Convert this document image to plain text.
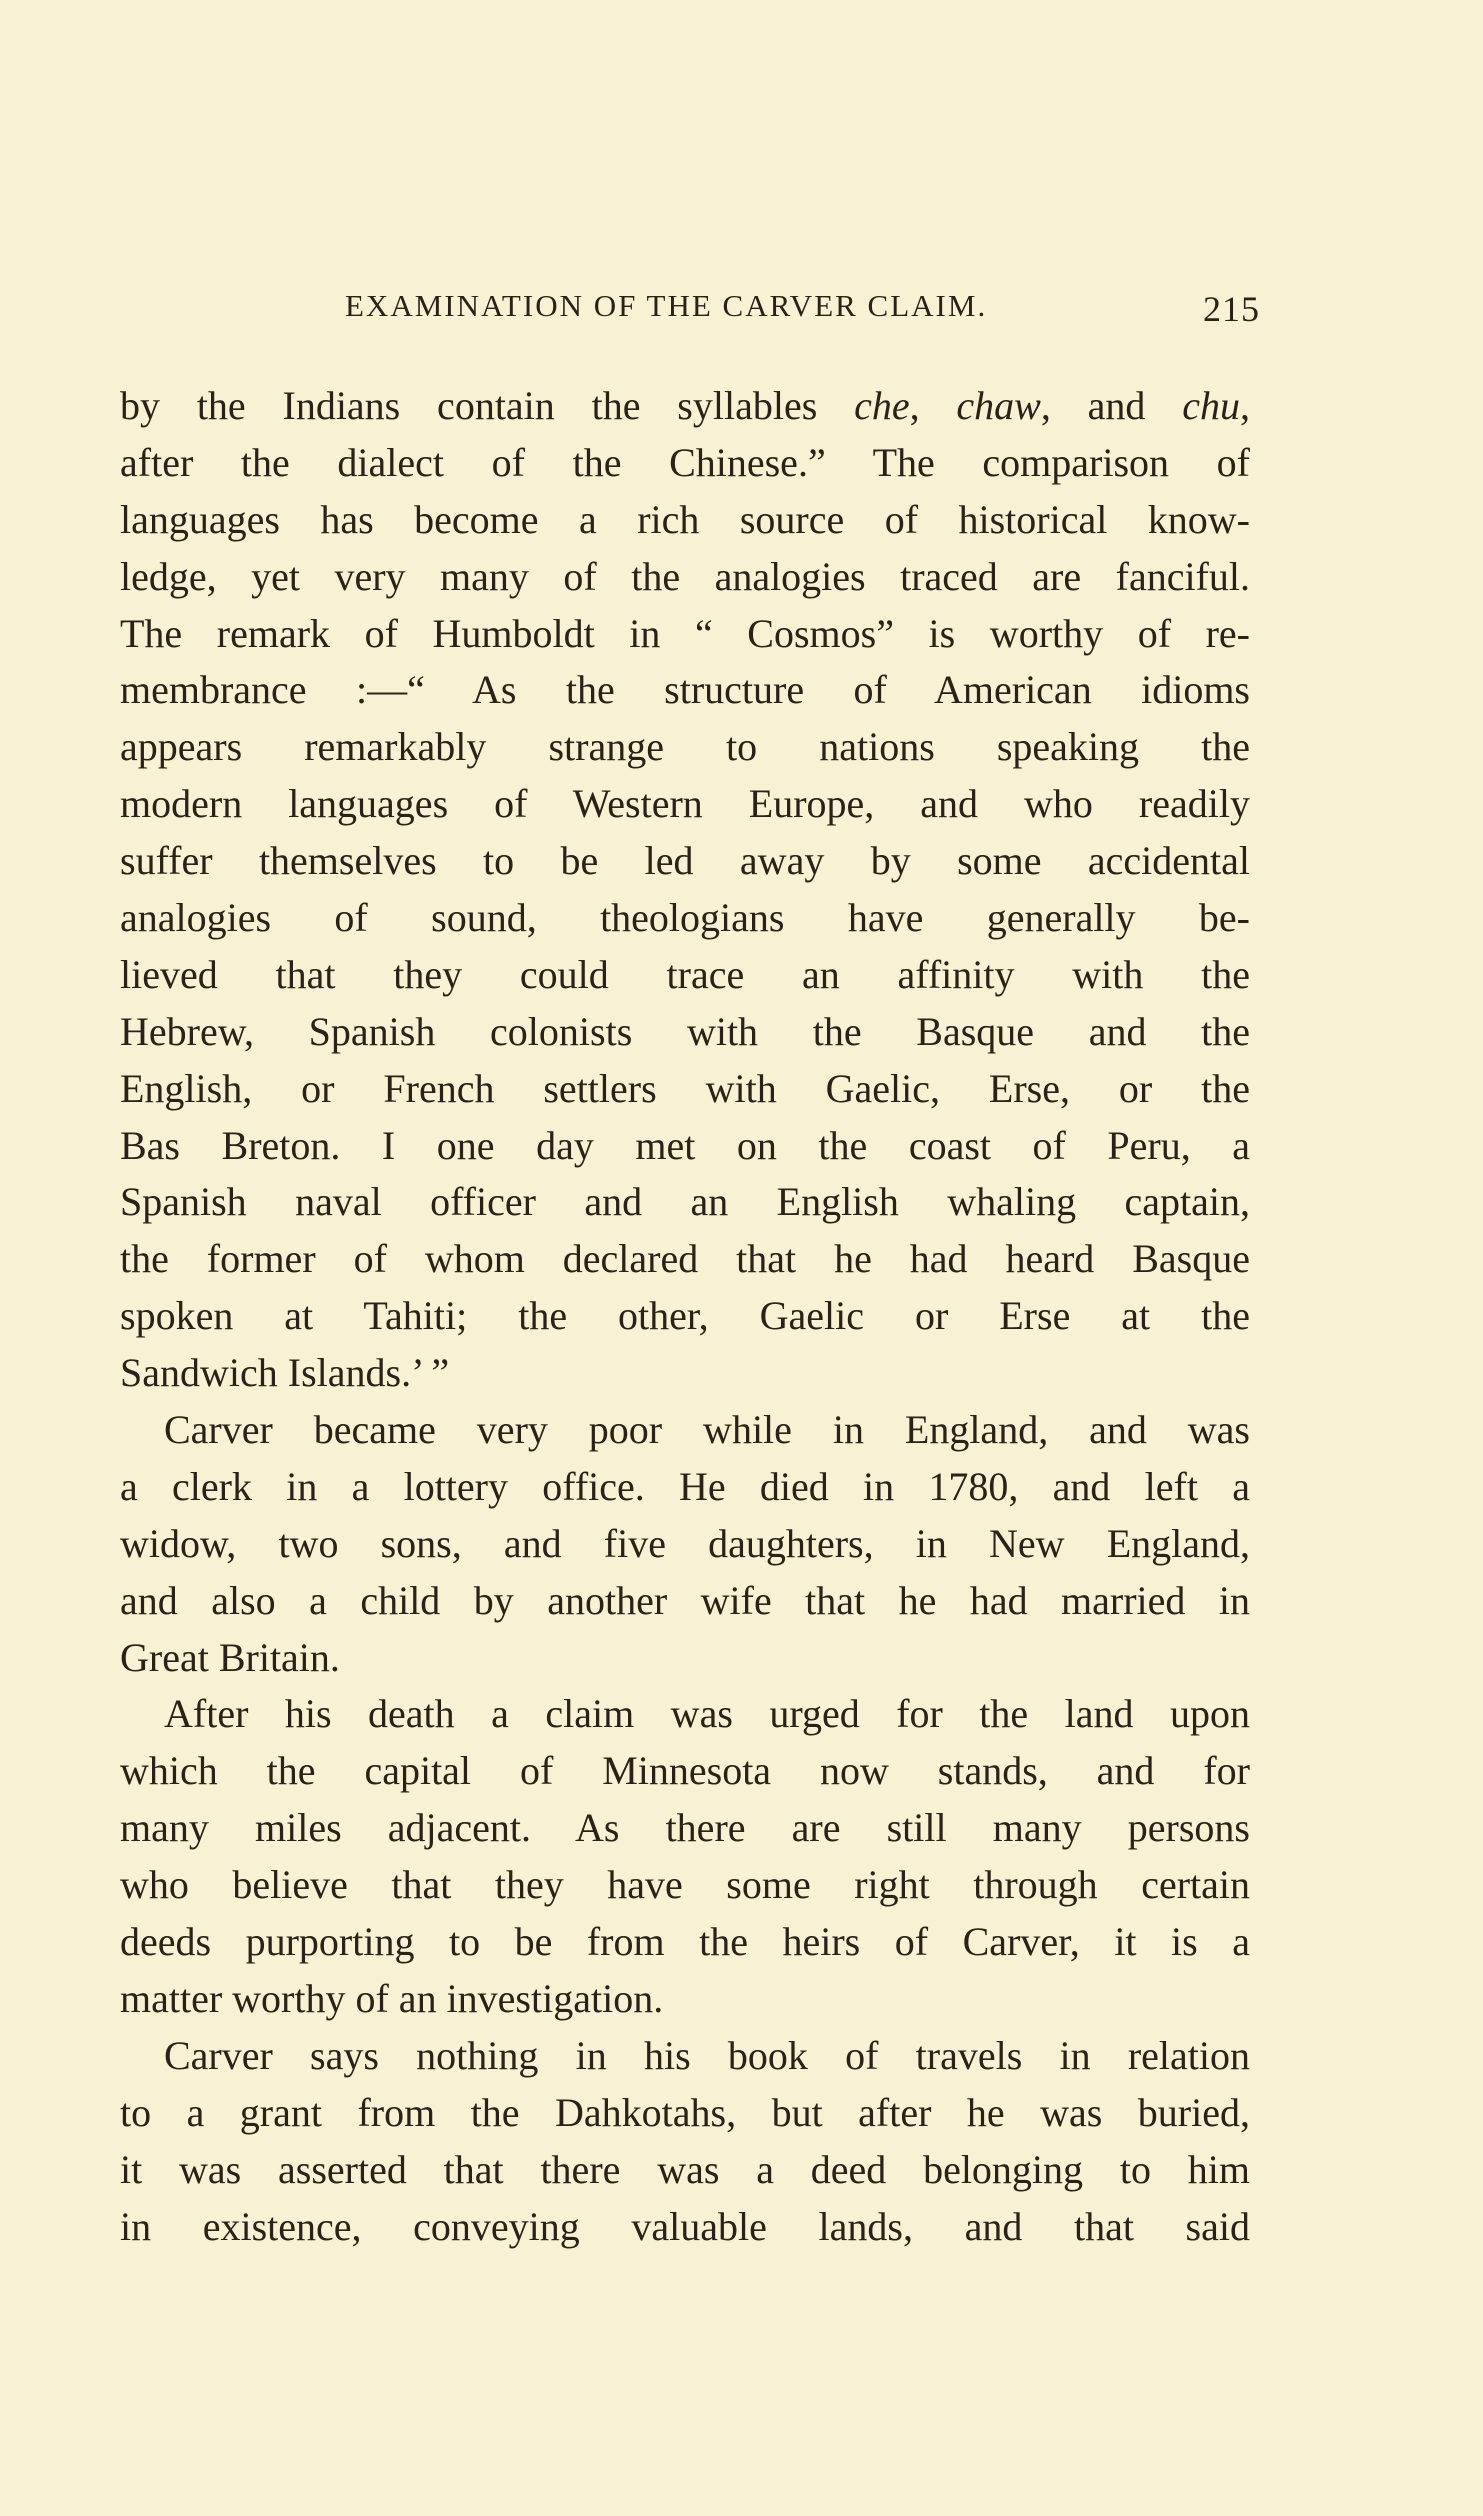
EXAMINATION OF THE CARVER CLAIM.	215
by the Indians contain the syllables che, chaw, and chu,
after the dialect of the Chinese.” The comparison of
languages has become a rich source of historical know-
ledge, yet very many of the analogies traced are fanciful.
The remark of Humboldt in “ Cosmos” is worthy of re-
membrance :—“ As the structure of American idioms
appears remarkably strange to nations speaking the
modern languages of Western Europe, and who readily
suffer themselves to be led away by some accidental
analogies of sound, theologians have generally be-
lieved that they could trace an affinity with the
Hebrew, Spanish colonists with the Basque and the
English, or French settlers with Gaelic, Erse, or the
Bas Breton. I one day met on the coast of Peru, a
Spanish naval officer and an English whaling captain,
the former of whom declared that he had heard Basque
spoken at Tahiti; the other, Gaelic or Erse at the
Sandwich Islands.’ ”
Carver became very poor while in England, and was
a clerk in a lottery office. He died in 1780, and left a
widow, two sons, and five daughters, in New England,
and also a child by another wife that he had married in
Great Britain.
After his death a claim was urged for the land upon
which the capital of Minnesota now stands, and for
many miles adjacent. As there are still many persons
who believe that they have some right through certain
deeds purporting to be from the heirs of Carver, it is a
matter worthy of an investigation.
Carver says nothing in his book of travels in relation
to a grant from the Dahkotahs, but after he was buried,
it was asserted that there was a deed belonging to him
in existence, conveying valuable lands, and that said
